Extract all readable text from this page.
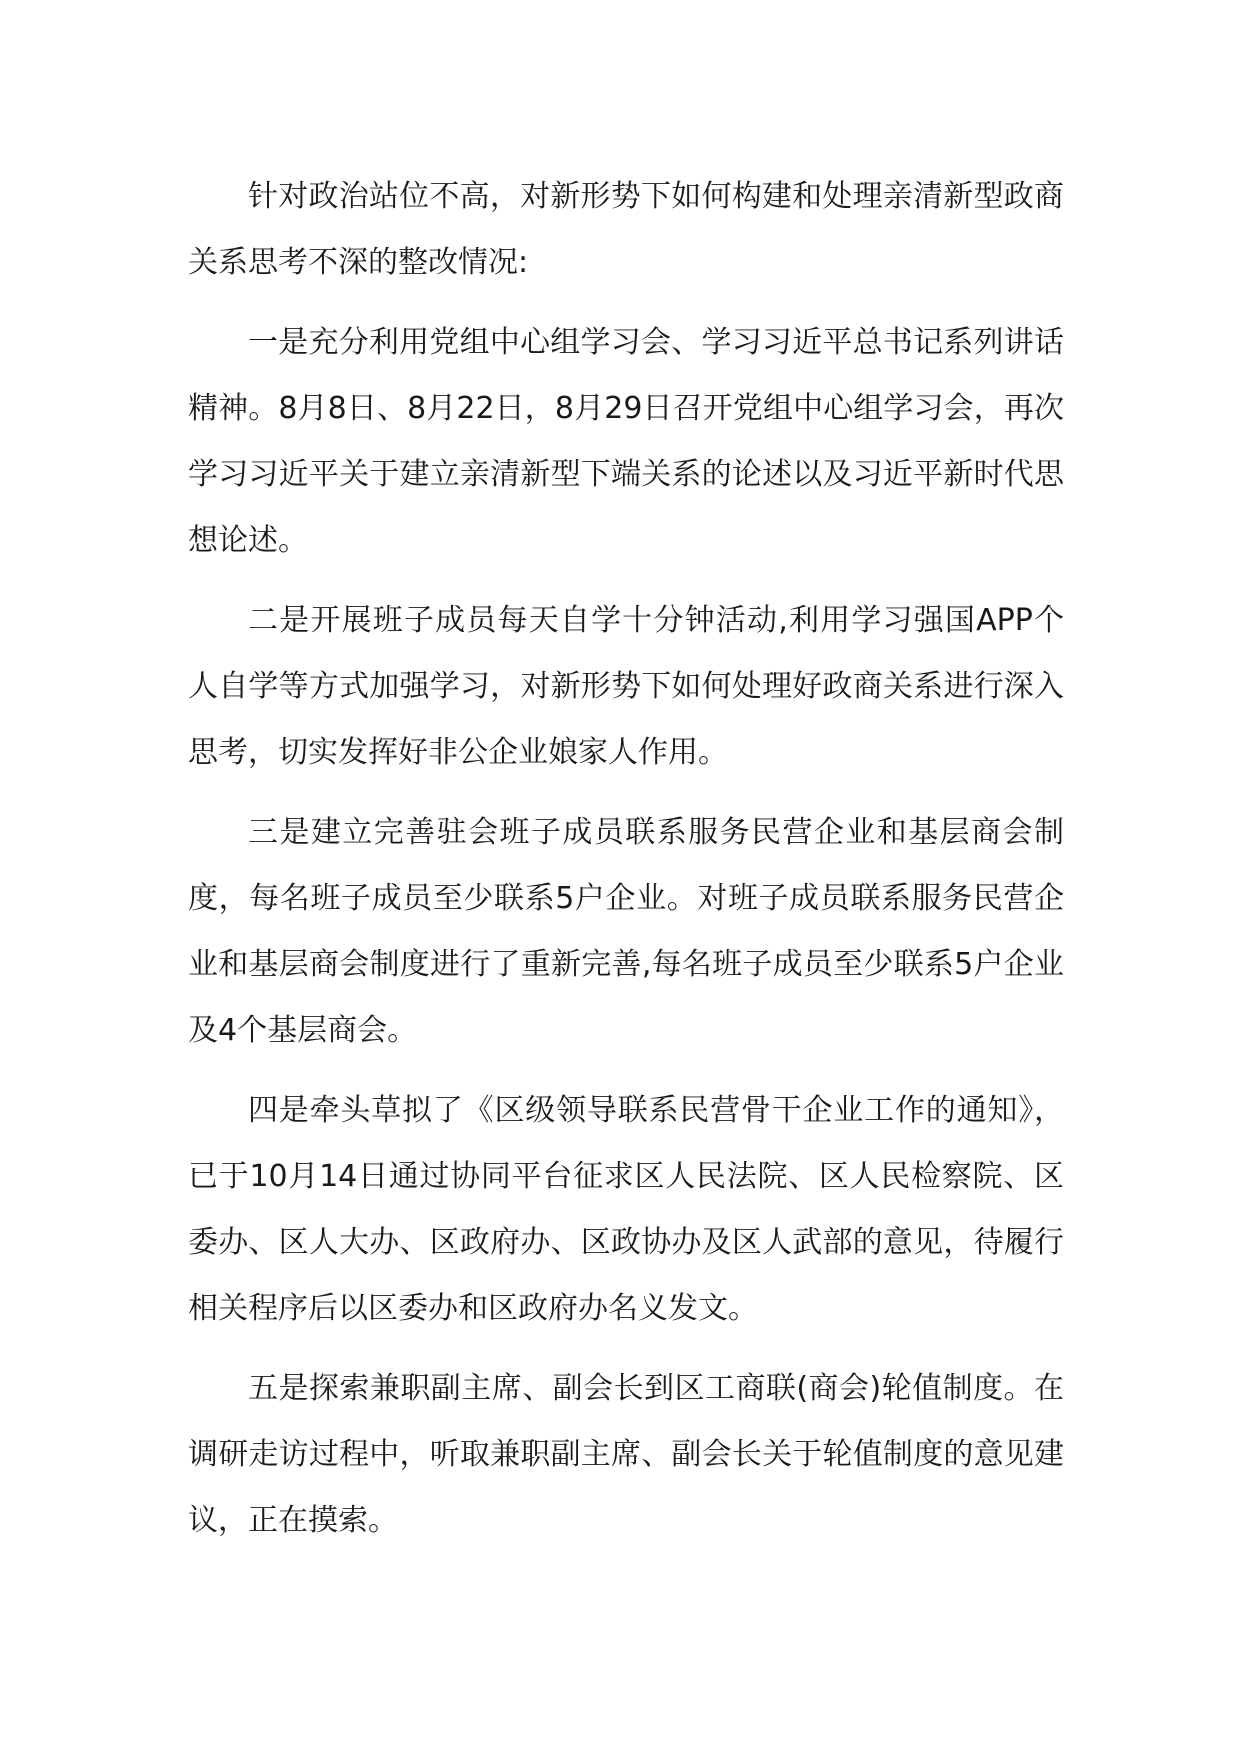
针对政治站位不高，对新形势下如何构建和处理亲清新型政商关系思考不深的整改情况:

一是充分利用党组中心组学习会、学习习近平总书记系列讲话精神。8月8日、8月22日，8月29日召开党组中心组学习会，再次学习习近平关于建立亲清新型下端关系的论述以及习近平新时代思想论述。

二是开展班子成员每天自学十分钟活动,利用学习强国APP个人自学等方式加强学习，对新形势下如何处理好政商关系进行深入思考，切实发挥好非公企业娘家人作用。

三是建立完善驻会班子成员联系服务民营企业和基层商会制度，每名班子成员至少联系5户企业。对班子成员联系服务民营企业和基层商会制度进行了重新完善,每名班子成员至少联系5户企业及4个基层商会。

四是牵头草拟了《区级领导联系民营骨干企业工作的通知》，已于10月14日通过协同平台征求区人民法院、区人民检察院、区委办、区人大办、区政府办、区政协办及区人武部的意见，待履行相关程序后以区委办和区政府办名义发文。

五是探索兼职副主席、副会长到区工商联(商会)轮值制度。在调研走访过程中，听取兼职副主席、副会长关于轮值制度的意见建议，正在摸索。
